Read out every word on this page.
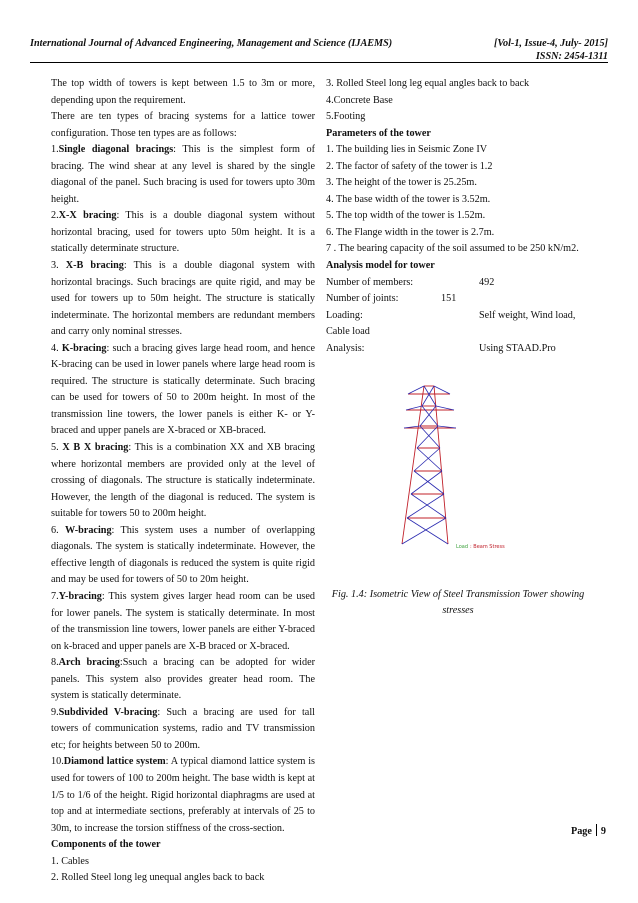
International Journal of Advanced Engineering, Management and Science (IJAEMS)	[Vol-1, Issue-4, July- 2015]
ISSN: 2454-1311

The top width of towers is kept between 1.5 to 3m or more, depending upon the requirement.

There are ten types of bracing systems for a lattice tower configuration. Those ten types are as follows:

1.Single diagonal bracings: This is the simplest form of bracing. The wind shear at any level is shared by the single diagonal of the panel. Such bracing is used for towers upto 30m height.

2.X-X bracing: This is a double diagonal system without horizontal bracing, used for towers upto 50m height. It is a statically determinate structure.

3. X-B bracing: This is a double diagonal system with horizontal bracings. Such bracings are quite rigid, and may be used for towers up to 50m height. The structure is statically indeterminate. The horizontal members are redundant members and carry only nominal stresses.

4. K-bracing: such a bracing gives large head room, and hence K-bracing can be used in lower panels where large head room is required. The structure is statically determinate. Such bracing can be used for towers of 50 to 200m height. In most of the transmission line towers, the lower panels is either K- or Y- braced and upper panels are X-braced or XB-braced.

5. X B X bracing: This is a combination XX and XB bracing where horizontal members are provided only at the level of crossing of diagonals. The structure is statically indeterminate. However, the length of the diagonal is reduced. The system is suitable for towers 50 to 200m height.

6. W-bracing: This system uses a number of overlapping diagonals. The system is statically indeterminate. However, the effective length of diagonals is reduced the system is quite rigid and may be used for towers of 50 to 20m height.

7.Y-bracing: This system gives larger head room can be used for lower panels. The system is statically determinate. In most of the transmission line towers, lower panels are either Y-braced on k-braced and upper panels are X-B braced or X-braced.

8.Arch bracing:Ssuch a bracing can be adopted for wider panels. This system also provides greater head room. The system is statically determinate.

9.Subdivided V-bracing: Such a bracing are used for tall towers of communication systems, radio and TV transmission etc; for heights between 50 to 200m.

10.Diamond lattice system: A typical diamond lattice system is used for towers of 100 to 200m height. The base width is kept at 1/5 to 1/6 of the height. Rigid horizontal diaphragms are used at top and at intermediate sections, preferably at intervals of 25 to 30m, to increase the torsion stiffness of the cross-section.

Components of the tower

1. Cables

2. Rolled Steel long leg unequal angles back to back

3. Rolled Steel long leg equal angles back to back

4.Concrete Base

5.Footing

Parameters of the tower

1. The building lies in Seismic Zone IV

2. The factor of safety of the tower is 1.2

3. The height of the tower is 25.25m.

4. The base width of the tower is 3.52m.

5. The top width of the tower is 1.52m.

6. The Flange width in the tower is 2.7m.

7 . The bearing capacity of the soil assumed to be 250 kN/m2.

Analysis model for tower

Number of members:	492
Number of joints:	151
Loading:	Self weight, Wind load,

Cable load

Analysis:	Using STAAD.Pro
Load : Beam Stress
Fig. 1.4: Isometric View of Steel Transmission Tower showing stresses
Page 9
